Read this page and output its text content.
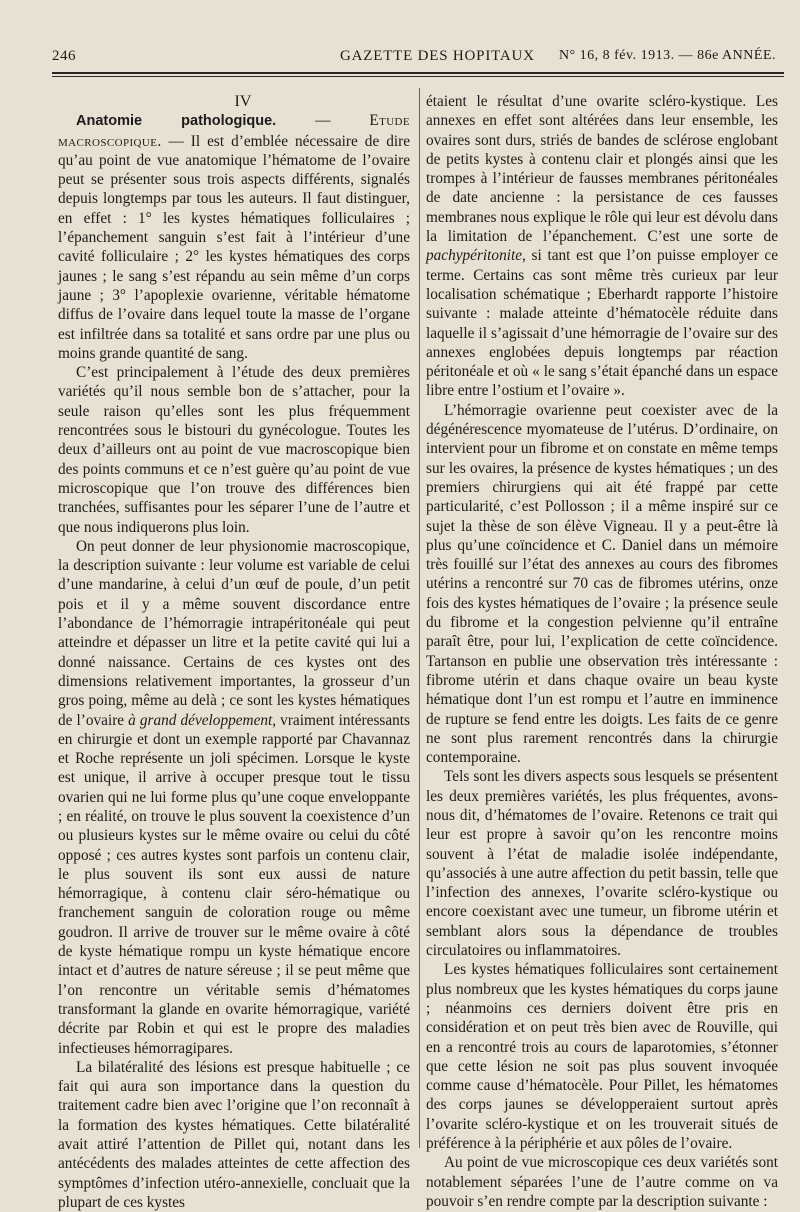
246	GAZETTE DES HOPITAUX N° 16, 8 fév. 1913. — 86e ANNÉE.

IV

Anatomie pathologique. — Etude macroscopique. — Il est d’emblée nécessaire de dire qu’au point de vue anatomique l’hématome de l’ovaire peut se présenter sous trois aspects différents, signalés depuis longtemps par tous les auteurs. Il faut distinguer, en effet : 1° les kystes hématiques folliculaires ; l’épanchement sanguin s’est fait à l’intérieur d’une cavité folliculaire ; 2° les kystes hématiques des corps jaunes ; le sang s’est répandu au sein même d’un corps jaune ; 3° l’apoplexie ovarienne, véritable hématome diffus de l’ovaire dans lequel toute la masse de l’organe est infiltrée dans sa totalité et sans ordre par une plus ou moins grande quantité de sang.

C’est principalement à l’étude des deux premières variétés qu’il nous semble bon de s’attacher, pour la seule raison qu’elles sont les plus fréquemment rencontrées sous le bistouri du gynécologue. Toutes les deux d’ailleurs ont au point de vue macroscopique bien des points communs et ce n’est guère qu’au point de vue microscopique que l’on trouve des différences bien tranchées, suffisantes pour les séparer l’une de l’autre et que nous indiquerons plus loin.

On peut donner de leur physionomie macroscopique, la description suivante : leur volume est variable de celui d’une mandarine, à celui d’un œuf de poule, d’un petit pois et il y a même souvent discordance entre l’abondance de l’hémorragie intrapéritonéale qui peut atteindre et dépasser un litre et la petite cavité qui lui a donné naissance. Certains de ces kystes ont des dimensions relativement importantes, la grosseur d’un gros poing, même au delà ; ce sont les kystes hématiques de l’ovaire à grand développement, vraiment intéressants en chirurgie et dont un exemple rapporté par Chavannaz et Roche représente un joli spécimen. Lorsque le kyste est unique, il arrive à occuper presque tout le tissu ovarien qui ne lui forme plus qu’une coque enveloppante ; en réalité, on trouve le plus souvent la coexistence d’un ou plusieurs kystes sur le même ovaire ou celui du côté opposé ; ces autres kystes sont parfois un contenu clair, le plus souvent ils sont eux aussi de nature hémorragique, à contenu clair séro-hématique ou franchement sanguin de coloration rouge ou même goudron. Il arrive de trouver sur le même ovaire à côté de kyste hématique rompu un kyste hématique encore intact et d’autres de nature séreuse ; il se peut même que l’on rencontre un véritable semis d’hématomes transformant la glande en ovarite hémorragique, variété décrite par Robin et qui est le propre des maladies infectieuses hémorragipares.

La bilatéralité des lésions est presque habituelle ; ce fait qui aura son importance dans la question du traitement cadre bien avec l’origine que l’on reconnaît à la formation des kystes hématiques. Cette bilatéralité avait attiré l’attention de Pillet qui, notant dans les antécédents des malades atteintes de cette affection des symptômes d’infection utéro-annexielle, concluait que la plupart de ces kystes

étaient le résultat d’une ovarite scléro-kystique. Les annexes en effet sont altérées dans leur ensemble, les ovaires sont durs, striés de bandes de sclérose englobant de petits kystes à contenu clair et plongés ainsi que les trompes à l’intérieur de fausses membranes péritonéales de date ancienne : la persistance de ces fausses membranes nous explique le rôle qui leur est dévolu dans la limitation de l’épanchement. C’est une sorte de pachypéritonite, si tant est que l’on puisse employer ce terme. Certains cas sont même très curieux par leur localisation schématique ; Eberhardt rapporte l’histoire suivante : malade atteinte d’hématocèle réduite dans laquelle il s’agissait d’une hémorragie de l’ovaire sur des annexes englobées depuis longtemps par réaction péritonéale et où « le sang s’était épanché dans un espace libre entre l’ostium et l’ovaire ».

L’hémorragie ovarienne peut coexister avec de la dégénérescence myomateuse de l’utérus. D’ordinaire, on intervient pour un fibrome et on constate en même temps sur les ovaires, la présence de kystes hématiques ; un des premiers chirurgiens qui ait été frappé par cette particularité, c’est Pollosson ; il a même inspiré sur ce sujet la thèse de son élève Vigneau. Il y a peut-être là plus qu’une coïncidence et C. Daniel dans un mémoire très fouillé sur l’état des annexes au cours des fibromes utérins a rencontré sur 70 cas de fibromes utérins, onze fois des kystes hématiques de l’ovaire ; la présence seule du fibrome et la congestion pelvienne qu’il entraîne paraît être, pour lui, l’explication de cette coïncidence. Tartanson en publie une observation très intéressante : fibrome utérin et dans chaque ovaire un beau kyste hématique dont l’un est rompu et l’autre en imminence de rupture se fend entre les doigts. Les faits de ce genre ne sont plus rarement rencontrés dans la chirurgie contemporaine.

Tels sont les divers aspects sous lesquels se présentent les deux premières variétés, les plus fréquentes, avons-nous dit, d’hématomes de l’ovaire. Retenons ce trait qui leur est propre à savoir qu’on les rencontre moins souvent à l’état de maladie isolée indépendante, qu’associés à une autre affection du petit bassin, telle que l’infection des annexes, l’ovarite scléro-kystique ou encore coexistant avec une tumeur, un fibrome utérin et semblant alors sous la dépendance de troubles circulatoires ou inflammatoires.

Les kystes hématiques folliculaires sont certainement plus nombreux que les kystes hématiques du corps jaune ; néanmoins ces derniers doivent être pris en considération et on peut très bien avec de Rouville, qui en a rencontré trois au cours de laparotomies, s’étonner que cette lésion ne soit pas plus souvent invoquée comme cause d’hématocèle. Pour Pillet, les hématomes des corps jaunes se développeraient surtout après l’ovarite scléro-kystique et on les trouverait situés de préférence à la périphérie et aux pôles de l’ovaire.

Au point de vue microscopique ces deux variétés sont notablement séparées l’une de l’autre comme on va pouvoir s’en rendre compte par la description suivante :
